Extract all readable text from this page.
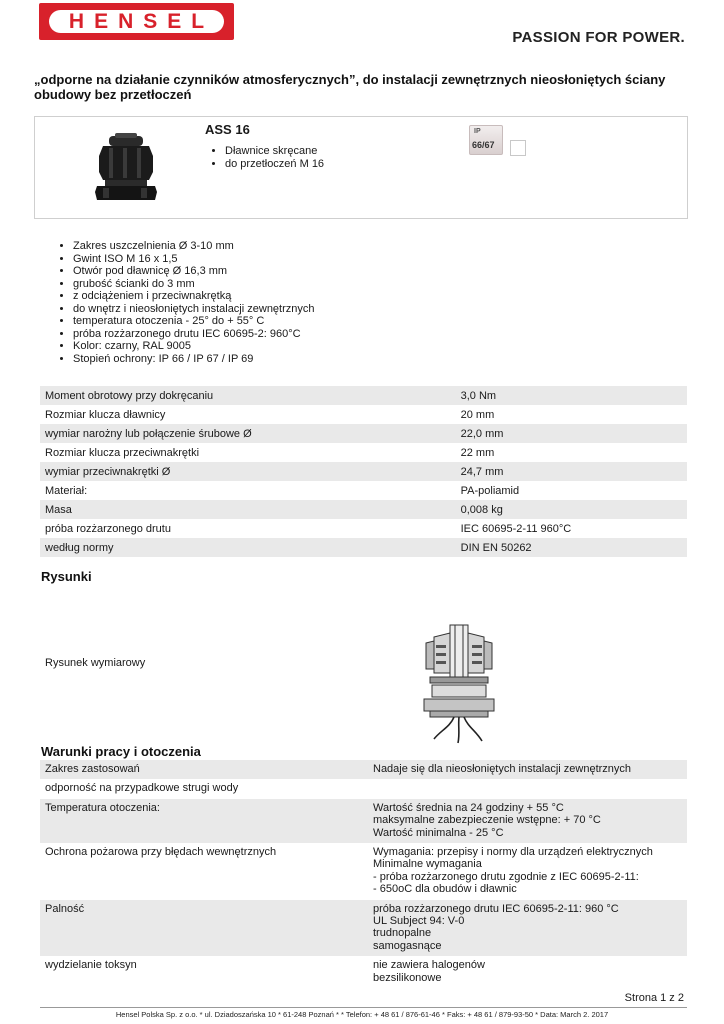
HENSEL
PASSION FOR POWER.
„odporne na działanie czynników atmosferycznych”, do instalacji zewnętrznych nieosłoniętych ściany obudowy bez przetłoczeń
ASS 16
• Dławnice skręcane
• do przetłoczeń M 16
IP
66/67
• Zakres uszczelnienia Ø 3-10 mm
• Gwint ISO M 16 x 1,5
• Otwór pod dławnicę Ø 16,3 mm
• grubość ścianki do 3 mm
• z odciążeniem i przeciwnakrętką
• do wnętrz i nieosłoniętych instalacji zewnętrznych
• temperatura otoczenia - 25° do + 55° C
• próba rozżarzonego drutu IEC 60695-2: 960°C
• Kolor: czarny, RAL 9005
• Stopień ochrony: IP 66 / IP 67 / IP 69
Moment obrotowy przy dokręcaniu	3,0 Nm
Rozmiar klucza dławnicy	20 mm
wymiar narożny lub połączenie śrubowe Ø	22,0 mm
Rozmiar klucza przeciwnakrętki	22 mm
wymiar przeciwnakrętki Ø	24,7 mm
Materiał:	PA-poliamid
Masa	0,008 kg
próba rozżarzonego drutu	IEC 60695-2-11 960°C
według normy	DIN EN 50262
Rysunki
Rysunek wymiarowy
Warunki pracy i otoczenia
Zakres zastosowań	Nadaje się dla nieosłoniętych instalacji zewnętrznych

odporność na przypadkowe strugi wody	

Temperatura otoczenia:	Wartość średnia na 24 godziny + 55 °C
maksymalne zabezpieczenie wstępne: + 70 °C
Wartość minimalna - 25 °C

Ochrona pożarowa przy błędach wewnętrznych	Wymagania: przepisy i normy dla urządzeń elektrycznych
Minimalne wymagania
- próba rozżarzonego drutu zgodnie z IEC 60695-2-11:
- 650oC dla obudów i dławnic

Palność	próba rozżarzonego drutu IEC 60695-2-11: 960 °C
UL Subject 94: V-0
trudnopalne
samogasnące

wydzielanie toksyn	nie zawiera halogenów
bezsilikonowe
Strona 1 z 2
Hensel Polska Sp. z o.o. * ul. Dziadoszańska 10 * 61-248 Poznań * * Telefon: + 48 61 / 876-61-46 * Faks: + 48 61 / 879-93-50 * Data: March 2. 2017
